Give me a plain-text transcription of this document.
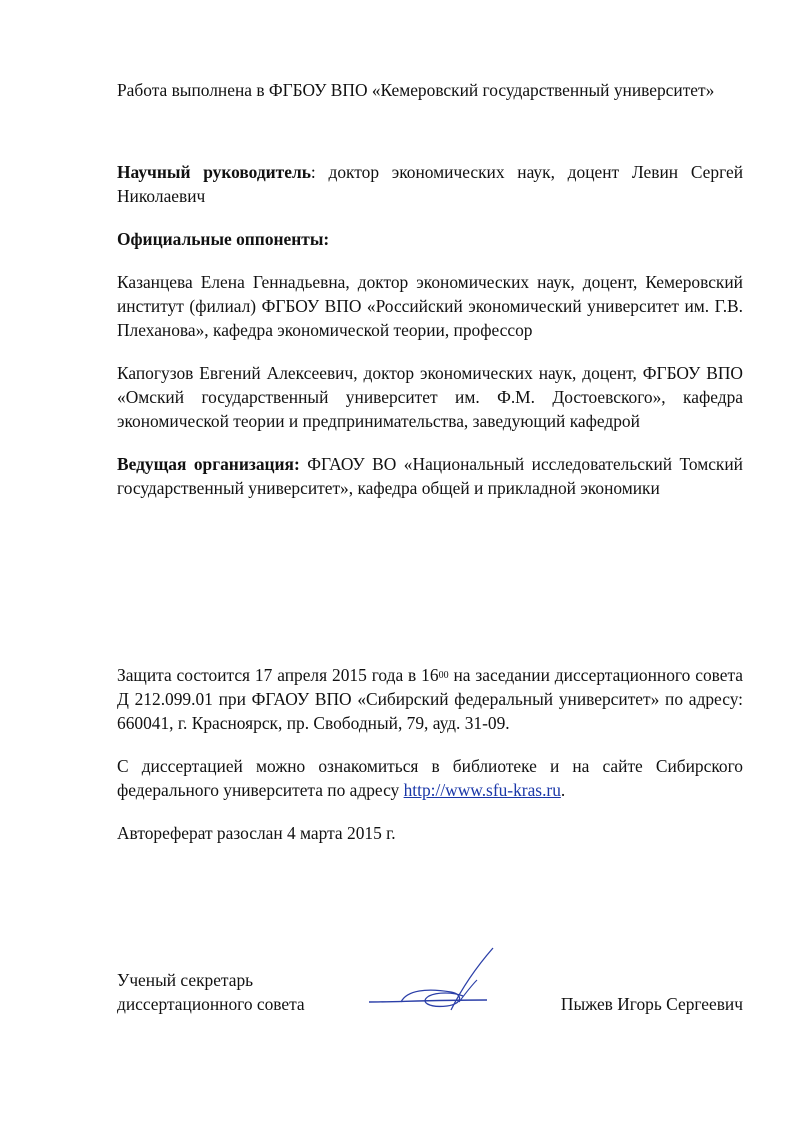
Работа выполнена в ФГБОУ ВПО «Кемеровский государственный университет»

Научный руководитель: доктор экономических наук, доцент Левин Сергей Николаевич

Официальные оппоненты:

Казанцева Елена Геннадьевна, доктор экономических наук, доцент, Кемеровский институт (филиал) ФГБОУ ВПО «Российский экономический университет им. Г.В. Плеханова», кафедра экономической теории, профессор

Капогузов Евгений Алексеевич, доктор экономических наук, доцент, ФГБОУ ВПО «Омский государственный университет им. Ф.М. Достоевского», кафедра экономической теории и предпринимательства, заведующий кафедрой

Ведущая организация: ФГАОУ ВО «Национальный исследовательский Томский государственный университет», кафедра общей и прикладной экономики

Защита состоится 17 апреля 2015 года в $16^{00}$ на заседании диссертационного совета Д 212.099.01 при ФГАОУ ВПО «Сибирский федеральный университет» по адресу: 660041, г. Красноярск, пр. Свободный, 79, ауд. 31-09.

С диссертацией можно ознакомиться в библиотеке и на сайте Сибирского федерального университета по адресу http://www.sfu-kras.ru.

Автореферат разослан 4 марта 2015 г.

Ученый секретарь
диссертационного совета	Пыжев Игорь Сергеевич
